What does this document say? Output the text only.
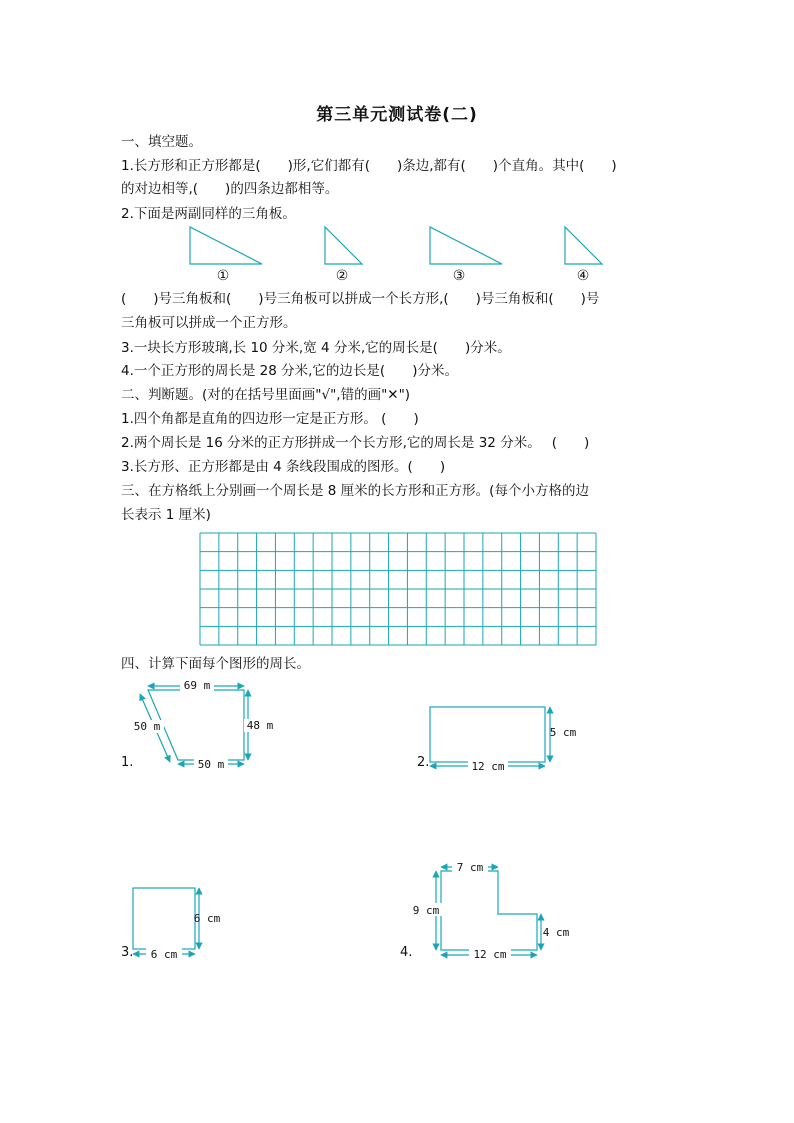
第三单元测试卷(二)
一、填空题。
1.长方形和正方形都是(　　)形,它们都有(　　)条边,都有(　　)个直角。其中(　　)
的对边相等,(　　)的四条边都相等。
2.下面是两副同样的三角板。
①	②	③	④
(　　)号三角板和(　　)号三角板可以拼成一个长方形,(　　)号三角板和(　　)号
三角板可以拼成一个正方形。
3.一块长方形玻璃,长 10 分米,宽 4 分米,它的周长是(　　)分米。
4.一个正方形的周长是 28 分米,它的边长是(　　)分米。
二、判断题。(对的在括号里面画"√",错的画"✕")
1.四个角都是直角的四边形一定是正方形。 (　　)
2.两个周长是 16 分米的正方形拼成一个长方形,它的周长是 32 分米。　 (　　)
3.长方形、正方形都是由 4 条线段围成的图形。(　　)
三、在方格纸上分别画一个周长是 8 厘米的长方形和正方形。(每个小方格的边
长表示 1 厘米)
四、计算下面每个图形的周长。
69 m
50 m	48 m
50 m
5 cm
12 cm
6 cm
6 cm
7 cm
9 cm
4 cm
12 cm
1.	2.
3.	4.
